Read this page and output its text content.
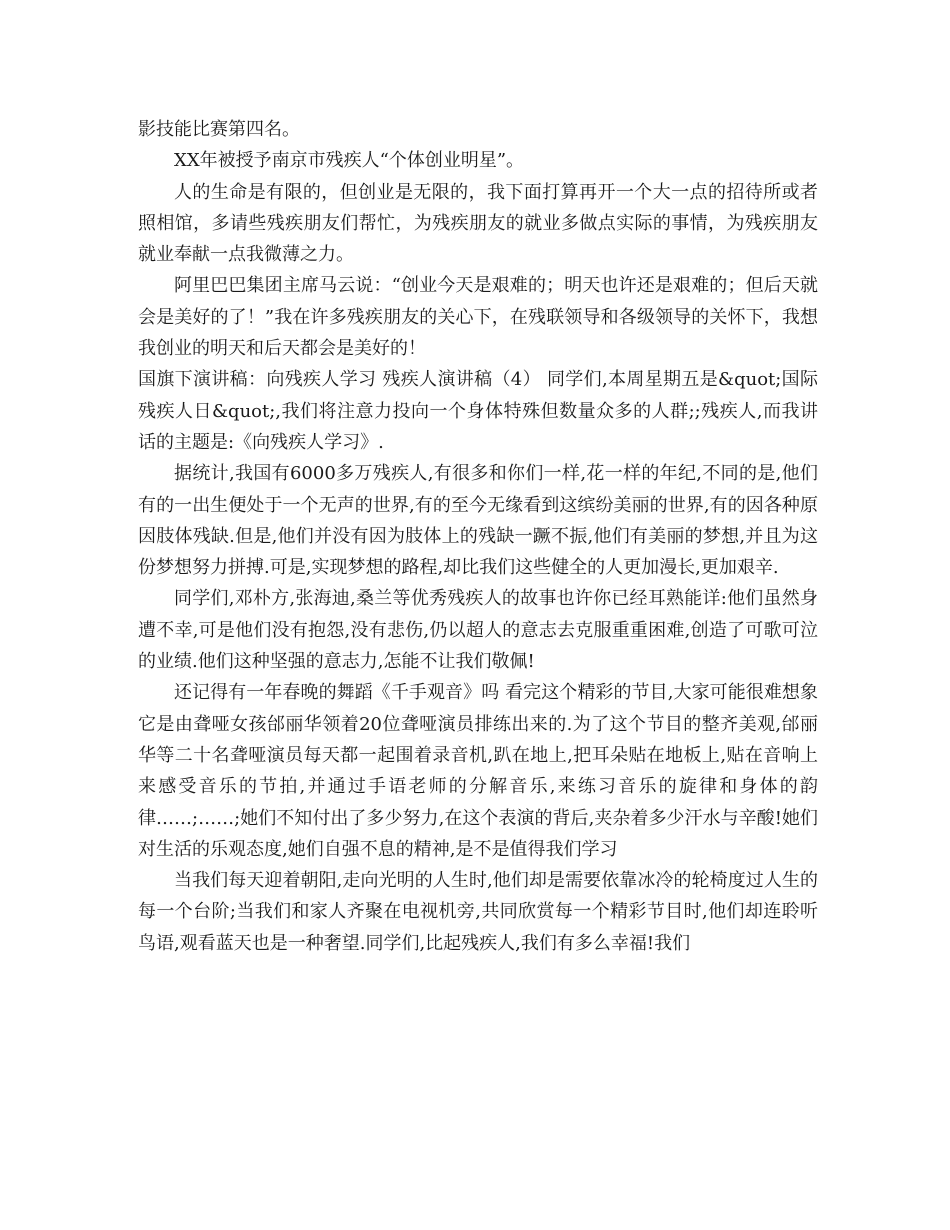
影技能比赛第四名。

XX年被授予南京市残疾人“个体创业明星”。

人的生命是有限的，但创业是无限的，我下面打算再开一个大一点的招待所或者照相馆，多请些残疾朋友们帮忙，为残疾朋友的就业多做点实际的事情，为残疾朋友就业奉献一点我微薄之力。

阿里巴巴集团主席马云说：“创业今天是艰难的；明天也许还是艰难的；但后天就会是美好的了！”我在许多残疾朋友的关心下，在残联领导和各级领导的关怀下，我想我创业的明天和后天都会是美好的！

国旗下演讲稿：向残疾人学习 残疾人演讲稿（4） 同学们,本周星期五是&quot;国际残疾人日&quot;,我们将注意力投向一个身体特殊但数量众多的人群;;残疾人,而我讲话的主题是:《向残疾人学习》.

据统计,我国有6000多万残疾人,有很多和你们一样,花一样的年纪,不同的是,他们有的一出生便处于一个无声的世界,有的至今无缘看到这缤纷美丽的世界,有的因各种原因肢体残缺.但是,他们并没有因为肢体上的残缺一蹶不振,他们有美丽的梦想,并且为这份梦想努力拼搏.可是,实现梦想的路程,却比我们这些健全的人更加漫长,更加艰辛.

同学们,邓朴方,张海迪,桑兰等优秀残疾人的故事也许你已经耳熟能详:他们虽然身遭不幸,可是他们没有抱怨,没有悲伤,仍以超人的意志去克服重重困难,创造了可歌可泣的业绩.他们这种坚强的意志力,怎能不让我们敬佩!

还记得有一年春晚的舞蹈《千手观音》吗 看完这个精彩的节目,大家可能很难想象它是由聋哑女孩邰丽华领着20位聋哑演员排练出来的.为了这个节目的整齐美观,邰丽华等二十名聋哑演员每天都一起围着录音机,趴在地上,把耳朵贴在地板上,贴在音响上来感受音乐的节拍,并通过手语老师的分解音乐,来练习音乐的旋律和身体的韵律……;……;她们不知付出了多少努力,在这个表演的背后,夹杂着多少汗水与辛酸!她们对生活的乐观态度,她们自强不息的精神,是不是值得我们学习

当我们每天迎着朝阳,走向光明的人生时,他们却是需要依靠冰冷的轮椅度过人生的每一个台阶;当我们和家人齐聚在电视机旁,共同欣赏每一个精彩节目时,他们却连聆听鸟语,观看蓝天也是一种奢望.同学们,比起残疾人,我们有多么幸福!我们
